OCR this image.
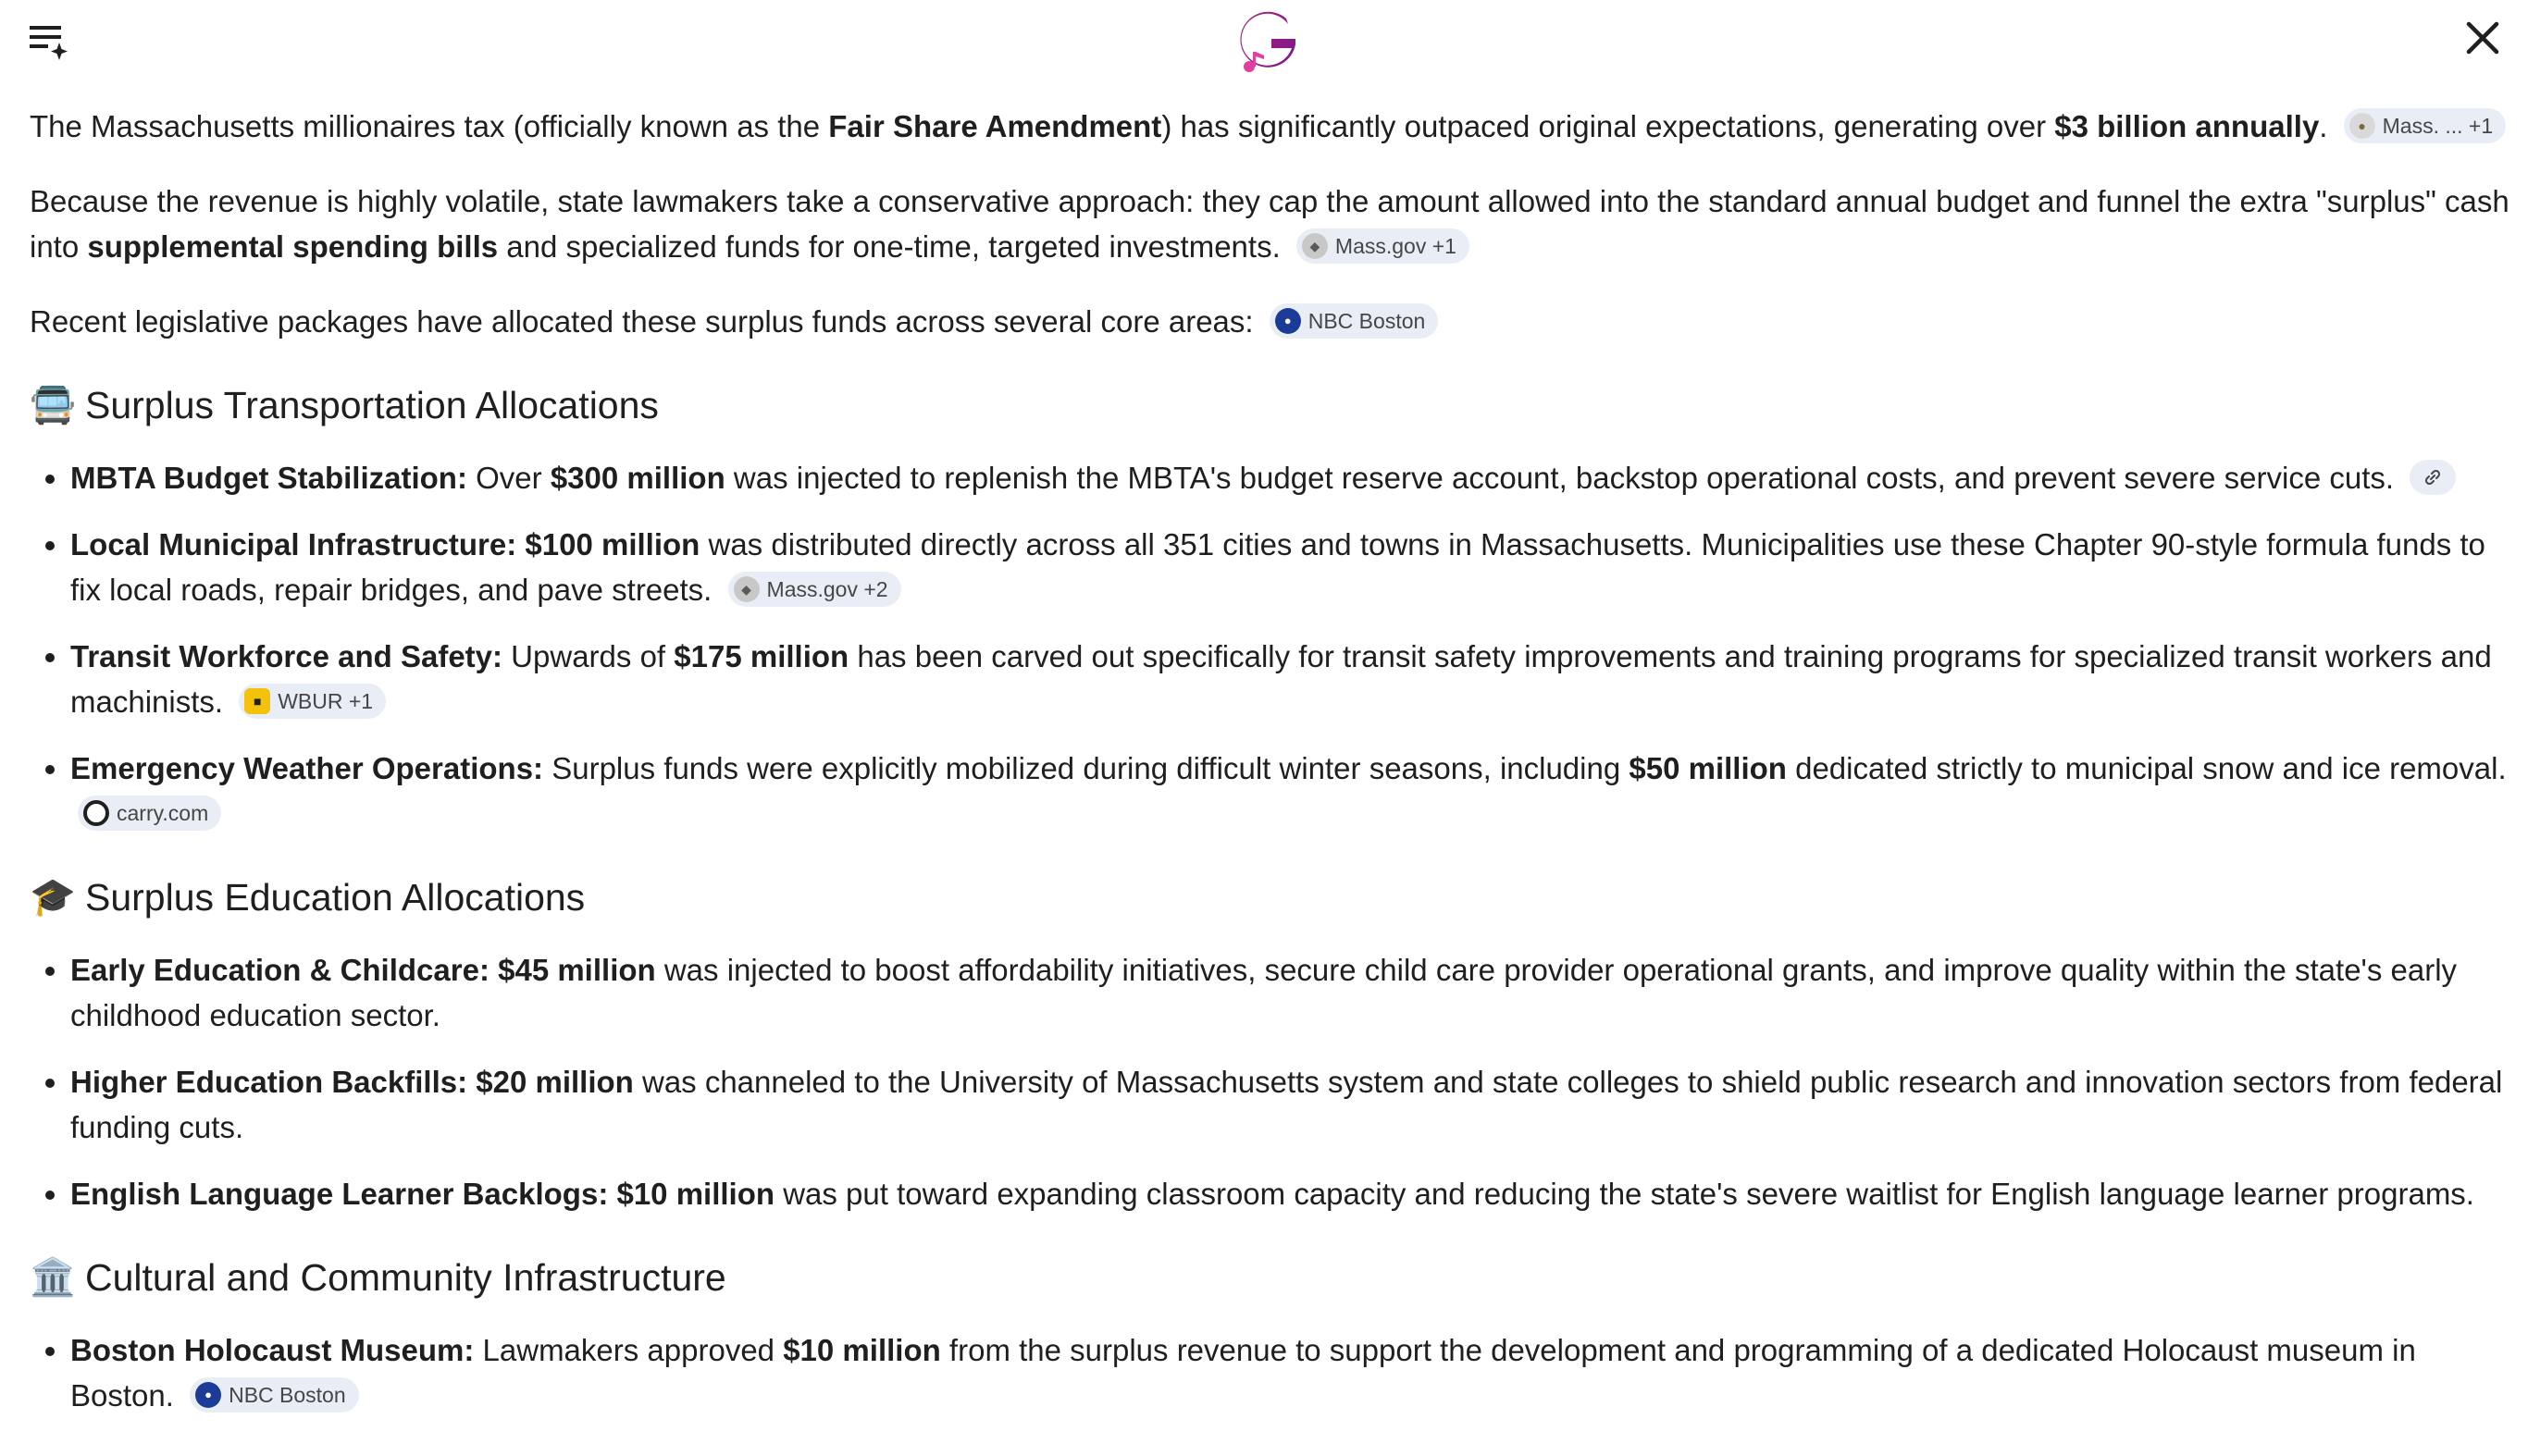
The Massachusetts millionaires tax (officially known as the Fair Share Amendment) has significantly outpaced original expectations, generating over $3 billion annually.	● Mass. ... +1

Because the revenue is highly volatile, state lawmakers take a conservative approach: they cap the amount allowed into the standard annual budget and funnel the extra "surplus" cash into supplemental spending bills and specialized funds for one-time, targeted investments.	◆ Mass.gov +1

Recent legislative packages have allocated these surplus funds across several core areas:	● NBC Boston

🚍 Surplus Transportation Allocations
• MBTA Budget Stabilization: Over $300 million was injected to replenish the MBTA's budget reserve account, backstop operational costs, and prevent severe service cuts.
• Local Municipal Infrastructure: $100 million was distributed directly across all 351 cities and towns in Massachusetts. Municipalities use these Chapter 90-style formula funds to fix local roads, repair bridges, and pave streets.	◆ Mass.gov +2
• Transit Workforce and Safety: Upwards of $175 million has been carved out specifically for transit safety improvements and training programs for specialized transit workers and machinists.	■ WBUR +1
• Emergency Weather Operations: Surplus funds were explicitly mobilized during difficult winter seasons, including $50 million dedicated strictly to municipal snow and ice removal.
carry.com
🎓 Surplus Education Allocations
• Early Education & Childcare: $45 million was injected to boost affordability initiatives, secure child care provider operational grants, and improve quality within the state's early childhood education sector.
• Higher Education Backfills: $20 million was channeled to the University of Massachusetts system and state colleges to shield public research and innovation sectors from federal funding cuts.
• English Language Learner Backlogs: $10 million was put toward expanding classroom capacity and reducing the state's severe waitlist for English language learner programs.
🏛️ Cultural and Community Infrastructure
• Boston Holocaust Museum: Lawmakers approved $10 million from the surplus revenue to support the development and programming of a dedicated Holocaust museum in Boston.	● NBC Boston
